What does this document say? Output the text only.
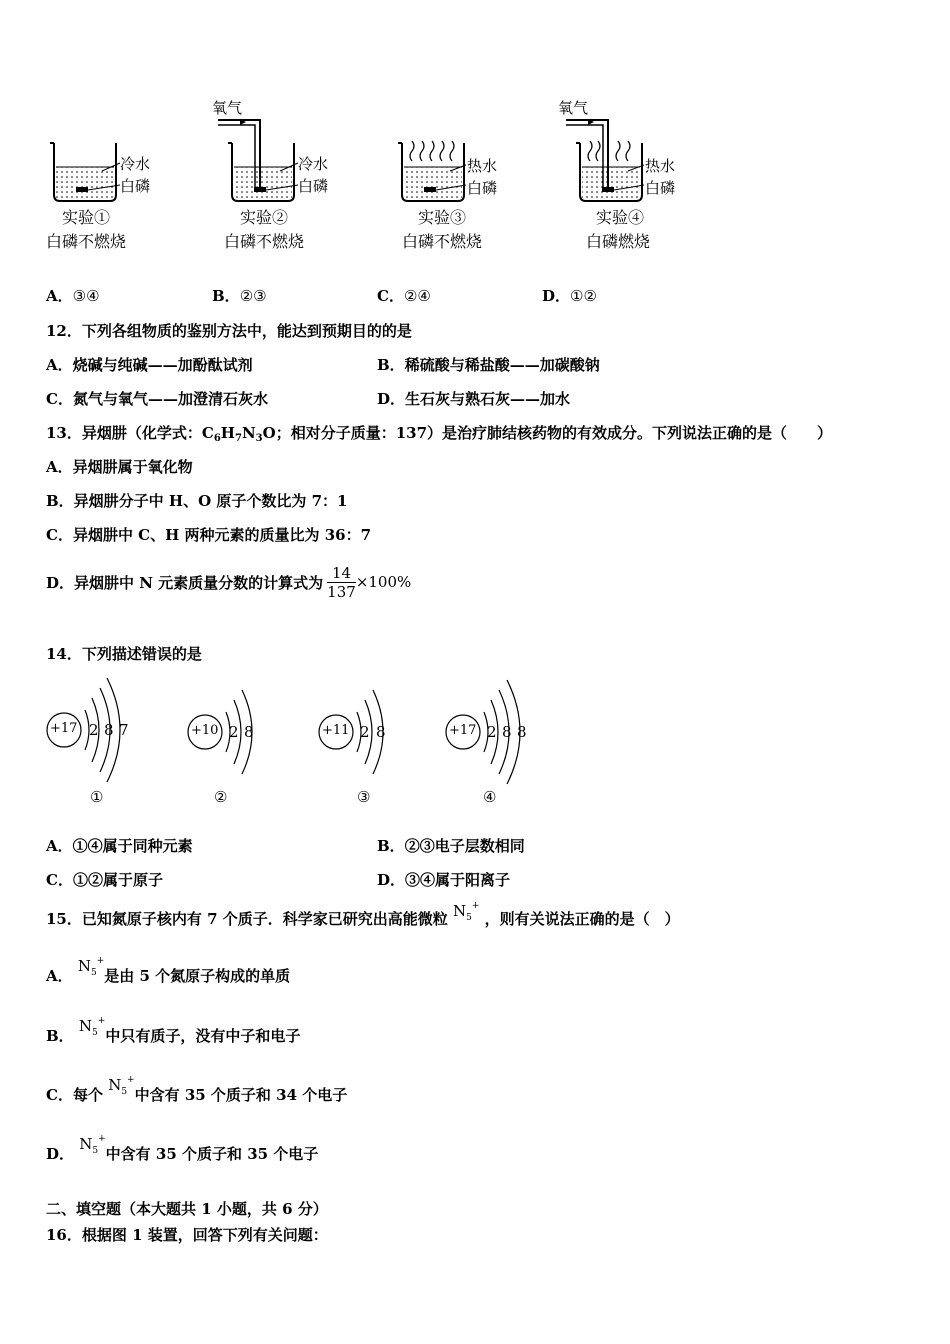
冷水
白磷
实验①
白磷不燃烧
氧气
冷水
白磷
实验②
白磷不燃烧
热水
白磷
实验③
白磷不燃烧
氧气
热水
白磷
实验④
白磷燃烧
A．③④	B．②③	C．②④	D．①②
12．下列各组物质的鉴别方法中，能达到预期目的的是
A．烧碱与纯碱——加酚酞试剂	B．稀硫酸与稀盐酸——加碳酸钠
C．氮气与氧气——加澄清石灰水	D．生石灰与熟石灰——加水
13．异烟肼（化学式：$C_6H_7N_3O$；相对分子质量：137）是治疗肺结核药物的有效成分。下列说法正确的是（　　）
A．异烟肼属于氧化物
B．异烟肼分子中 H、O 原子个数比为 7：1
C．异烟肼中 C、H 两种元素的质量比为 36：7
D．异烟肼中 N 元素质量分数的计算式为 $\frac{14}{137} \times 100\%$
14．下列描述错误的是
+17 2 8 7
①
+10 2 8
②
+11 2 8
③
+17 2 8 8
④
A．①④属于同种元素	B．②③电子层数相同
C．①②属于原子	D．③④属于阳离子
15．已知氮原子核内有 7 个质子．科学家已研究出高能微粒 $N_5^+$ ，则有关说法正确的是（　）
A． $N_5^+$是由 5 个氮原子构成的单质
B． $N_5^+$中只有质子，没有中子和电子
C．每个 $N_5^+$中含有 35 个质子和 34 个电子
D． $N_5^+$中含有 35 个质子和 35 个电子
二、填空题（本大题共 1 小题，共 6 分）
16．根据图 1 装置，回答下列有关问题：
